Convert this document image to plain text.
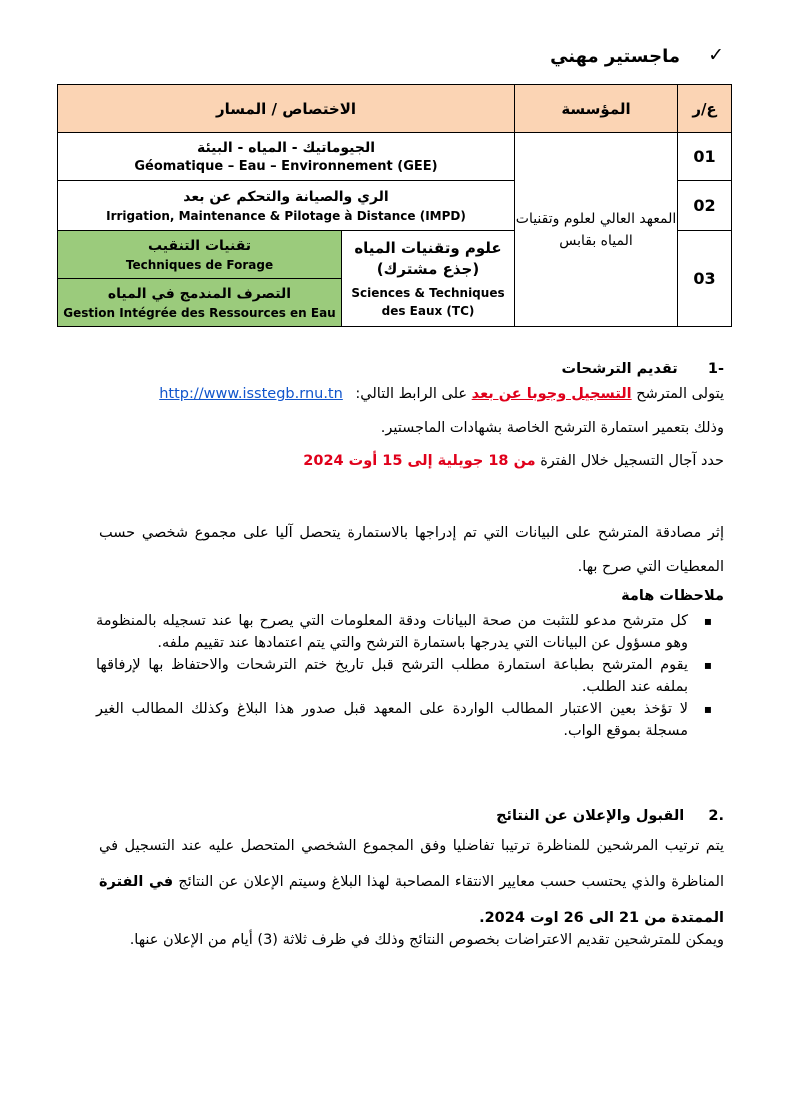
✓
ماجستير مهني
ع/ر	المؤسسة	الاختصاص / المسار	
01	المعهد العالي لعلوم وتقنيات المياه بقابس	الجيوماتيك - المياه - البيئة
Géomatique – Eau – Environnement (GEE)	

02		الري والصيانة والتحكم عن بعد
Irrigation, Maintenance & Pilotage à Distance (IMPD)	

03		علوم وتقنيات المياه (جذع مشترك)
Sciences & Techniques des Eaux (TC)	تقنيات التنقيب
Techniques de Forage

			التصرف المندمج في المياه
Gestion Intégrée des Ressources en Eau
-1  تقديم الترشحات
يتولى المترشح التسجيل وجوبا عن بعد على الرابط التالي: http://www.isstegb.rnu.tn
وذلك بتعمير استمارة الترشح الخاصة بشهادات الماجستير.
حدد آجال التسجيل خلال الفترة من 18 جويلية إلى 15 أوت 2024
إثر مصادقة المترشح على البيانات التي تم إدراجها بالاستمارة يتحصل آليا على مجموع شخصي حسب المعطيات التي صرح بها.
ملاحظات هامة
▪ كل مترشح مدعو للتثبت من صحة البيانات ودقة المعلومات التي يصرح بها عند تسجيله بالمنظومة وهو مسؤول عن البيانات التي يدرجها باستمارة الترشح والتي يتم اعتمادها عند تقييم ملفه.
▪ يقوم المترشح بطباعة استمارة مطلب الترشح قبل تاريخ ختم الترشحات والاحتفاظ بها لإرفاقها بملفه عند الطلب.
▪ لا تؤخذ بعين الاعتبار المطالب الواردة على المعهد قبل صدور هذا البلاغ وكذلك المطالب الغير مسجلة بموقع الواب.
.2  القبول والإعلان عن النتائج
يتم ترتيب المرشحين للمناظرة ترتيبا تفاضليا وفق المجموع الشخصي المتحصل عليه عند التسجيل في المناظرة والذي يحتسب حسب معايير الانتقاء المصاحبة لهذا البلاغ وسيتم الإعلان عن النتائج في الفترة الممتدة من 21 الى 26 اوت 2024.
ويمكن للمترشحين تقديم الاعتراضات بخصوص النتائج وذلك في ظرف ثلاثة (3) أيام من الإعلان عنها.
